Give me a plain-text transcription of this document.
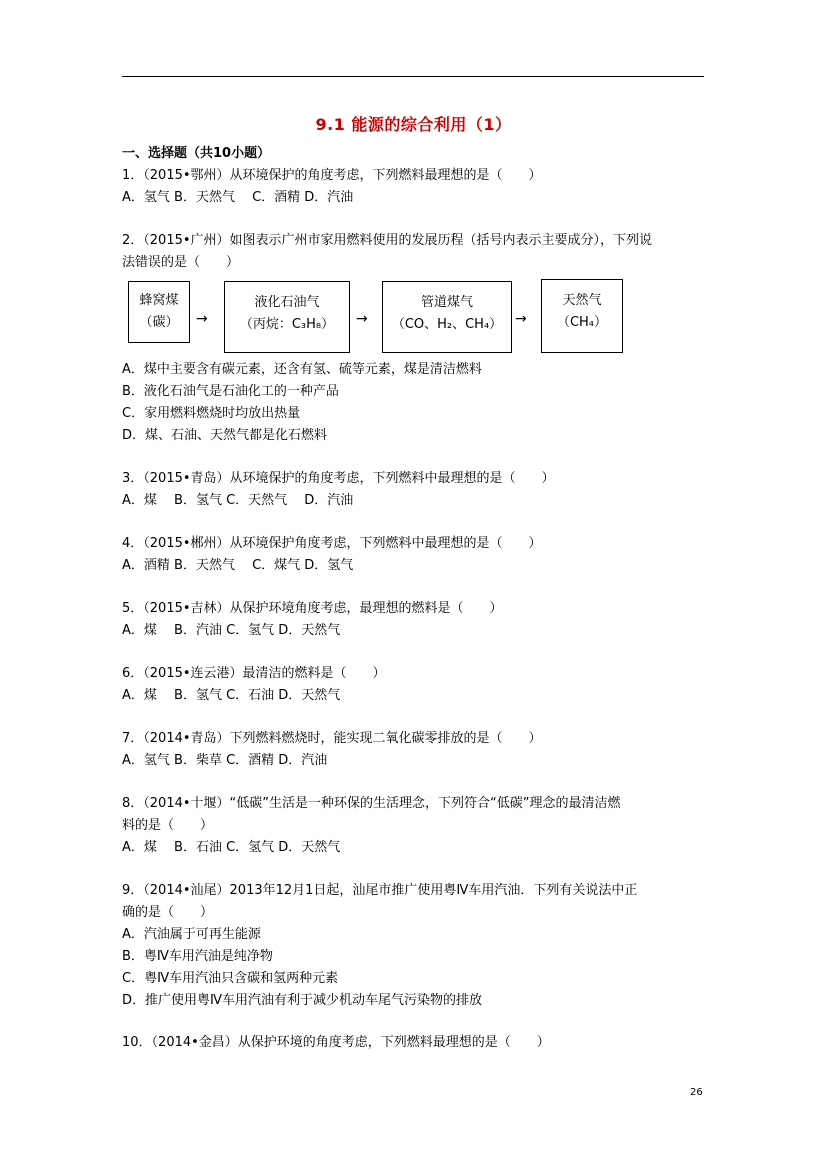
9.1 能源的综合利用（1）
一、选择题（共10小题）
1．（2015•鄂州）从环境保护的角度考虑，下列燃料最理想的是（　　）
A．氢气 B．天然气　 C．酒精 D．汽油
2．（2015•广州）如图表示广州市家用燃料使用的发展历程（括号内表示主要成分），下列说
法错误的是（　　）
蜂窝煤
（碳）	→
液化石油气
（丙烷：C₃H₈）	→
管道煤气
（CO、H₂、CH₄） →
天然气
（CH₄）
A．煤中主要含有碳元素，还含有氢、硫等元素，煤是清洁燃料
B．液化石油气是石油化工的一种产品
C．家用燃料燃烧时均放出热量
D．煤、石油、天然气都是化石燃料
3．（2015•青岛）从环境保护的角度考虑，下列燃料中最理想的是（　　）
A．煤　 B．氢气 C．天然气　 D．汽油
4．（2015•郴州）从环境保护角度考虑，下列燃料中最理想的是（　　）
A．酒精 B．天然气　 C．煤气 D．氢气
5．（2015•吉林）从保护环境角度考虑，最理想的燃料是（　　）
A．煤　 B．汽油 C．氢气 D．天然气
6．（2015•连云港）最清洁的燃料是（　　）
A．煤　 B．氢气 C．石油 D．天然气
7．（2014•青岛）下列燃料燃烧时，能实现二氧化碳零排放的是（　　）
A．氢气 B．柴草 C．酒精 D．汽油
8．（2014•十堰）“低碳”生活是一种环保的生活理念，下列符合“低碳”理念的最清洁燃
料的是（　　）
A．煤　 B．石油 C．氢气 D．天然气
9．（2014•汕尾）2013年12月1日起，汕尾市推广使用粤Ⅳ车用汽油．下列有关说法中正
确的是（　　）
A．汽油属于可再生能源
B．粤Ⅳ车用汽油是纯净物
C．粤Ⅳ车用汽油只含碳和氢两种元素
D．推广使用粤Ⅳ车用汽油有利于减少机动车尾气污染物的排放
10．（2014•金昌）从保护环境的角度考虑，下列燃料最理想的是（　　）
26
